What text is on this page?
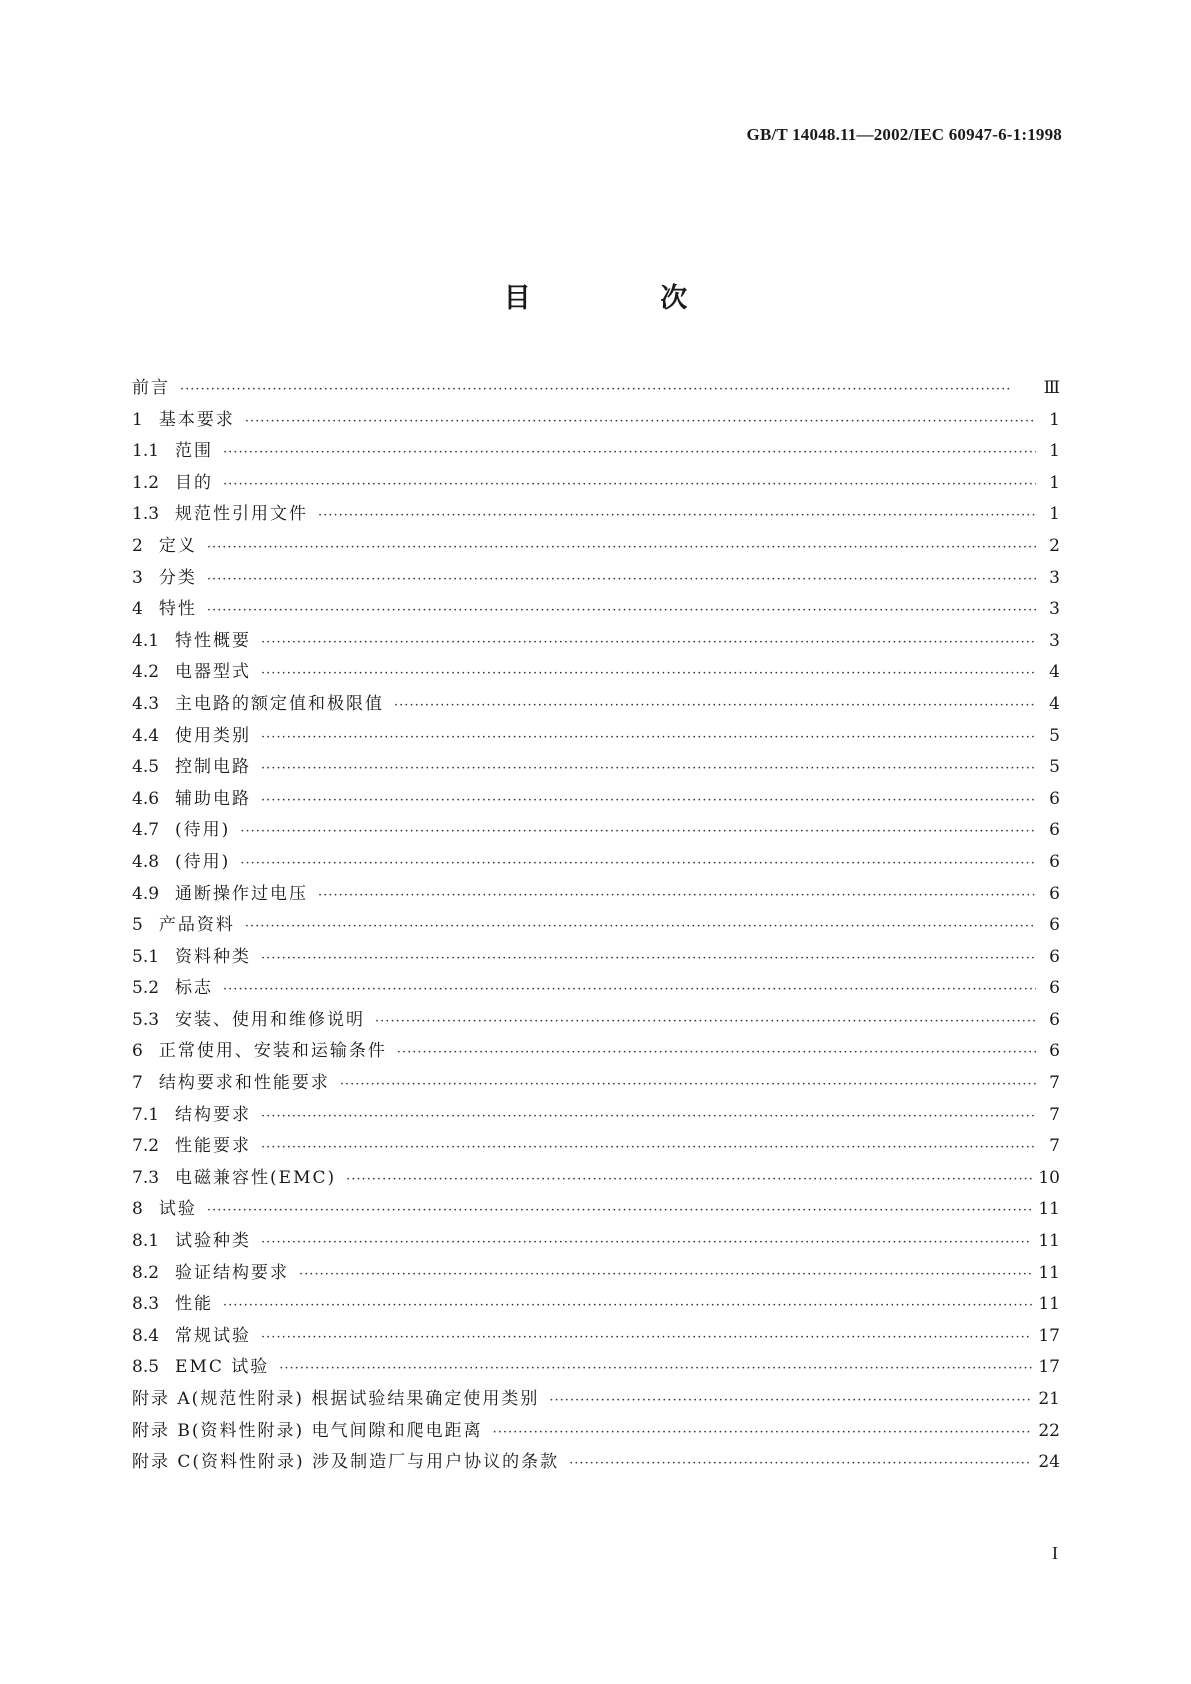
GB/T 14048.11—2002/IEC 60947-6-1:1998
目 次
前言 ·····	Ⅲ
1 基本要求 ·····	1
1.1 范围 ·····	1
1.2 目的 ·····	1
1.3 规范性引用文件 ·····	1
2 定义 ·····	2
3 分类 ·····	3
4 特性 ·····	3
4.1 特性概要 ·····	3
4.2 电器型式 ·····	4
4.3 主电路的额定值和极限值 ·····	4
4.4 使用类别 ·····	5
4.5 控制电路 ·····	5
4.6 辅助电路 ·····	6
4.7 (待用) ·····	6
4.8 (待用) ·····	6
4.9 通断操作过电压 ·····	6
5 产品资料 ·····	6
5.1 资料种类 ·····	6
5.2 标志 ·····	6
5.3 安装、使用和维修说明 ·····	6
6 正常使用、安装和运输条件 ·····	6
7 结构要求和性能要求 ·····	7
7.1 结构要求 ·····	7
7.2 性能要求 ·····	7
7.3 电磁兼容性(EMC) ·····	10
8 试验 ·····	11
8.1 试验种类 ·····	11
8.2 验证结构要求 ·····	11
8.3 性能 ·····	11
8.4 常规试验 ·····	17
8.5 EMC 试验 ·····	17
附录 A(规范性附录) 根据试验结果确定使用类别 ·····	21
附录 B(资料性附录) 电气间隙和爬电距离 ·····	22
附录 C(资料性附录) 涉及制造厂与用户协议的条款 ·····	24
I
